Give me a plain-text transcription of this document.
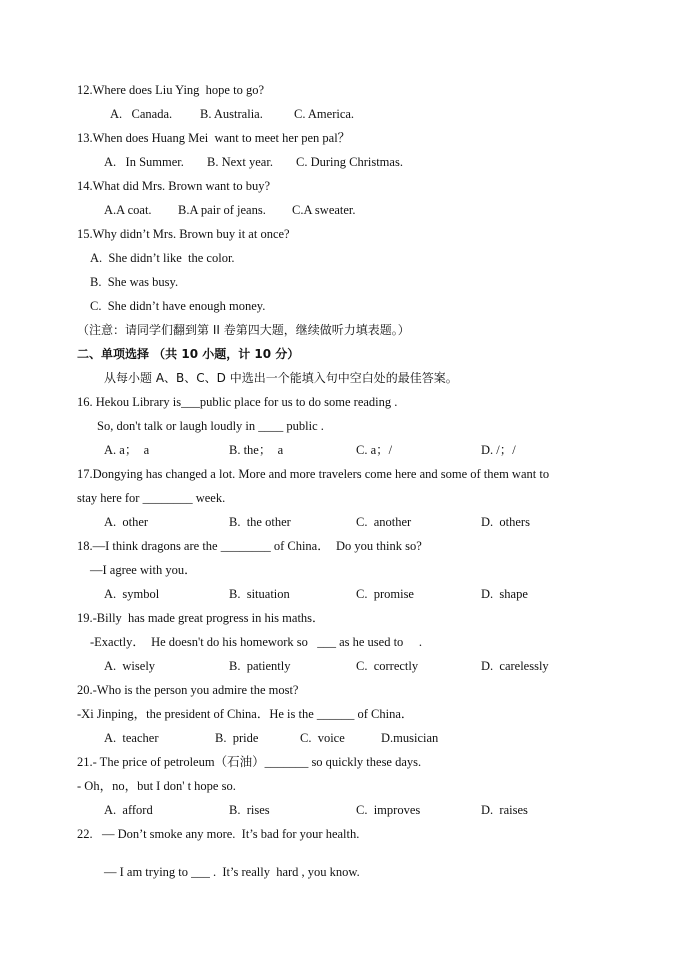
12.Where does Liu Ying  hope to go?
A.   Canada. B. Australia. C. America.
13.When does Huang Mei  want to meet her pen pal？
A.   In Summer. B. Next year. C. During Christmas.
14.What did Mrs. Brown want to buy?
A.A coat. B.A pair of jeans. C.A sweater.
15.Why didn’t Mrs. Brown buy it at once?
A.  She didn’t like  the color.
B.  She was busy.
C.  She didn’t have enough money.
（注意：请同学们翻到第 II 卷第四大题，继续做听力填表题。）
二、单项选择 （共 10 小题，计 10 分）
从每小题 A、B、C、D 中选出一个能填入句中空白处的最佳答案。
16. Hekou Library is___public place for us to do some reading .
So, don't talk or laugh loudly in ____ public .
A. a；  a	B. the；  a	C. a；/	D. /；/
17.Dongying has changed a lot. More and more travelers come here and some of them want to
stay here for ________ week.
A.  other	B.  the other	C.  another	D.  others
18.—I think dragons are the ________ of China．  Do you think so?
—I agree with you．
A.  symbol	B.  situation	C.  promise	D.  shape
19.-Billy  has made great progress in his maths．
-Exactly．  He doesn't do his homework so   ___ as he used to     .
A.  wisely	B.  patiently	C.  correctly	D.  carelessly
20.-Who is the person you admire the most?
-Xi Jinping，the president of China．He is the ______ of China．
A.  teacher	B.  pride	C.  voice	D.musician
21.- The price of petroleum（石油）_______ so quickly these days.
- Oh，no，but I don' t hope so.
A.  afford	B.  rises	C.  improves	D.  raises
22.   — Don’t smoke any more.  It’s bad for your health.
— I am trying to ___ .  It’s really  hard , you know.
